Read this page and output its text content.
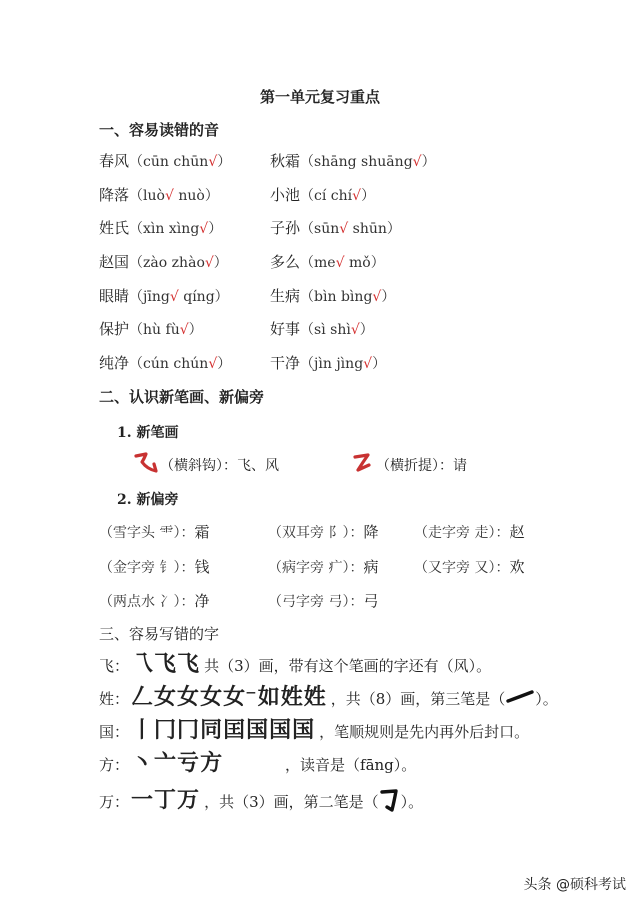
第一单元复习重点
一、容易读错的音
春风（cūn chūn√）	秋霜（shāng shuāng√）
降落（luò√ nuò）	小池（cí chí√）
姓氏（xìn xìng√）	子孙（sūn√ shūn）
赵国（zào zhào√）	多么（me√ mǒ）
眼睛（jīng√ qíng）	生病（bìn bìng√）
保护（hù fù√）	好事（sì shì√）
纯净（cún chún√）	干净（jìn jìng√）
二、认识新笔画、新偏旁
1. 新笔画
（横斜钩）：飞、风	（横折提）：请
2. 新偏旁
（雪字头 ⻗）：霜	（双耳旁 阝）：降	（走字旁 走）：赵
（金字旁 钅）：钱	（病字旁 疒）：病	（又字旁 又）：欢
（两点水 冫）：净	（弓字旁 弓）：弓
三、容易写错的字
飞： 乁 飞 飞 共（3）画，带有这个笔画的字还有（风）。
姓： 𠃋 女 女 女 女⁻ 如 姓 姓 ，共（8）画，第三笔是（ ）。
国： 丨 冂 冂 同 囯 国 国 国 ，笔顺规则是先内再外后封口。
方： 丶 亠 亏 方	，读音是（fāng）。
万： 一 丁 万 ，共（3）画，第二笔是（ ）。
头条 @硕科考试
